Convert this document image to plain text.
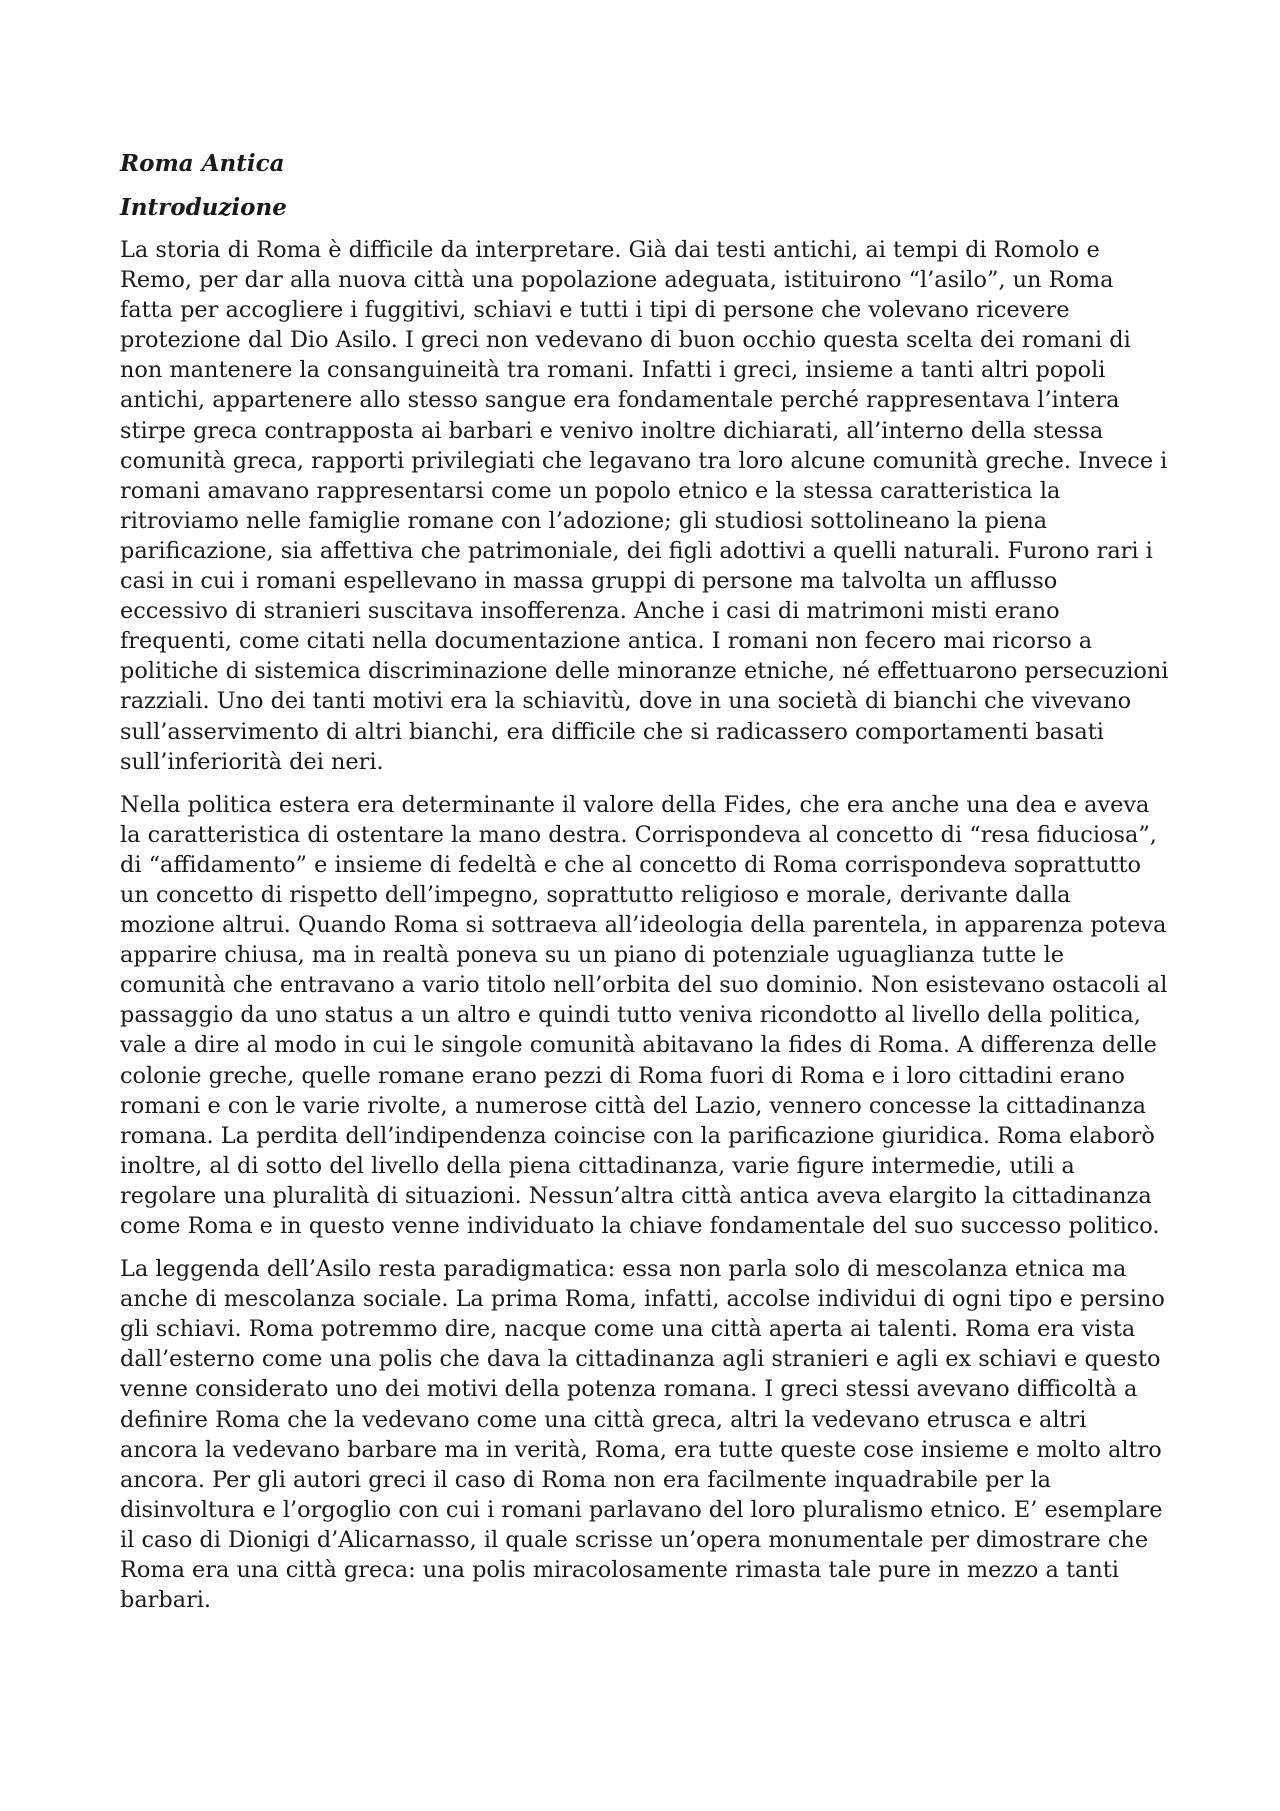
Roma Antica
Introduzione

La storia di Roma è difficile da interpretare. Già dai testi antichi, ai tempi di Romolo e Remo, per dar alla nuova città una popolazione adeguata, istituirono “l’asilo”, un Roma fatta per accogliere i fuggitivi, schiavi e tutti i tipi di persone che volevano ricevere protezione dal Dio Asilo. I greci non vedevano di buon occhio questa scelta dei romani di non mantenere la consanguineità tra romani. Infatti i greci, insieme a tanti altri popoli antichi, appartenere allo stesso sangue era fondamentale perché rappresentava l’intera stirpe greca contrapposta ai barbari e venivo inoltre dichiarati, all’interno della stessa comunità greca, rapporti privilegiati che legavano tra loro alcune comunità greche. Invece i romani amavano rappresentarsi come un popolo etnico e la stessa caratteristica la ritroviamo nelle famiglie romane con l’adozione; gli studiosi sottolineano la piena parificazione, sia affettiva che patrimoniale, dei figli adottivi a quelli naturali. Furono rari i casi in cui i romani espellevano in massa gruppi di persone ma talvolta un afflusso eccessivo di stranieri suscitava insofferenza. Anche i casi di matrimoni misti erano frequenti, come citati nella documentazione antica. I romani non fecero mai ricorso a politiche di sistemica discriminazione delle minoranze etniche, né effettuarono persecuzioni razziali. Uno dei tanti motivi era la schiavitù, dove in una società di bianchi che vivevano sull’asservimento di altri bianchi, era difficile che si radicassero comportamenti basati sull’inferiorità dei neri.

Nella politica estera era determinante il valore della Fides, che era anche una dea e aveva la caratteristica di ostentare la mano destra. Corrispondeva al concetto di “resa fiduciosa”, di “affidamento” e insieme di fedeltà e che al concetto di Roma corrispondeva soprattutto un concetto di rispetto dell’impegno, soprattutto religioso e morale, derivante dalla mozione altrui. Quando Roma si sottraeva all’ideologia della parentela, in apparenza poteva apparire chiusa, ma in realtà poneva su un piano di potenziale uguaglianza tutte le comunità che entravano a vario titolo nell’orbita del suo dominio. Non esistevano ostacoli al passaggio da uno status a un altro e quindi tutto veniva ricondotto al livello della politica, vale a dire al modo in cui le singole comunità abitavano la fides di Roma. A differenza delle colonie greche, quelle romane erano pezzi di Roma fuori di Roma e i loro cittadini erano romani e con le varie rivolte, a numerose città del Lazio, vennero concesse la cittadinanza romana. La perdita dell’indipendenza coincise con la parificazione giuridica. Roma elaborò inoltre, al di sotto del livello della piena cittadinanza, varie figure intermedie, utili a regolare una pluralità di situazioni. Nessun’altra città antica aveva elargito la cittadinanza come Roma e in questo venne individuato la chiave fondamentale del suo successo politico.

La leggenda dell’Asilo resta paradigmatica: essa non parla solo di mescolanza etnica ma anche di mescolanza sociale. La prima Roma, infatti, accolse individui di ogni tipo e persino gli schiavi. Roma potremmo dire, nacque come una città aperta ai talenti. Roma era vista dall’esterno come una polis che dava la cittadinanza agli stranieri e agli ex schiavi e questo venne considerato uno dei motivi della potenza romana. I greci stessi avevano difficoltà a definire Roma che la vedevano come una città greca, altri la vedevano etrusca e altri ancora la vedevano barbare ma in verità, Roma, era tutte queste cose insieme e molto altro ancora. Per gli autori greci il caso di Roma non era facilmente inquadrabile per la disinvoltura e l’orgoglio con cui i romani parlavano del loro pluralismo etnico. E’ esemplare il caso di Dionigi d’Alicarnasso, il quale scrisse un’opera monumentale per dimostrare che Roma era una città greca: una polis miracolosamente rimasta tale pure in mezzo a tanti barbari.
